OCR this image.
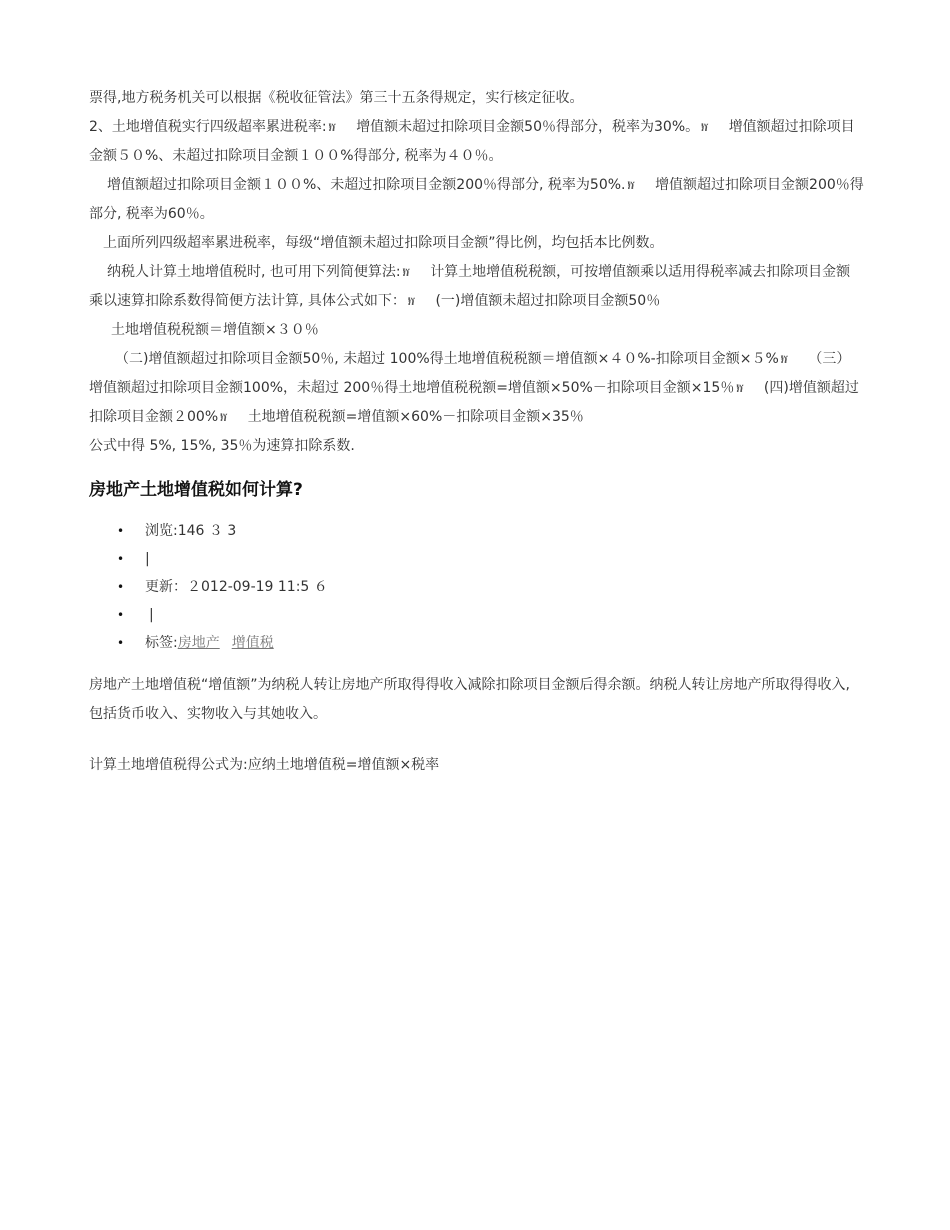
票得,地方税务机关可以根据《税收征管法》第三十五条得规定，实行核定征收。

2、土地增值税实行四级超率累进税率: ⷍ 增值额未超过扣除项目金额50％得部分，税率为30%。 ⷍ 增值额超过扣除项目金额５０%、未超过扣除项目金额１００%得部分, 税率为４０％。

增值额超过扣除项目金额１００%、未超过扣除项目金额200％得部分, 税率为50%. ⷍ 增值额超过扣除项目金额200％得部分, 税率为60％。

上面所列四级超率累进税率，每级“增值额未超过扣除项目金额”得比例，均包括本比例数。

纳税人计算土地增值税时, 也可用下列简便算法: ⷍ 计算土地增值税税额，可按增值额乘以适用得税率减去扣除项目金额乘以速算扣除系数得简便方法计算, 具体公式如下： ⷍ (一)增值额未超过扣除项目金额50％

土地增值税税额＝增值额×３０％

（二)增值额超过扣除项目金额50％, 未超过 100%得土地增值税税额＝增值额×４０%-扣除项目金额×５% ⷍ （三）增值额超过扣除项目金额100%，未超过 200％得土地增值税税额=增值额×50%－扣除项目金额×15％ ⷍ (四)增值额超过扣除项目金额２00% ⷍ 土地增值税税额=增值额×60%－扣除项目金额×35％

公式中得 5%, 15%, 35％为速算扣除系数.

房地产土地增值税如何计算?
• 浏览:146 ３ 3
• |
• 更新：２012-09-19 11:5 ６
• |
• 标签:房地产 增值税

房地产土地增值税“增值额”为纳税人转让房地产所取得得收入减除扣除项目金额后得余额。纳税人转让房地产所取得得收入, 包括货币收入、实物收入与其她收入。

计算土地增值税得公式为:应纳土地增值税=增值额×税率
